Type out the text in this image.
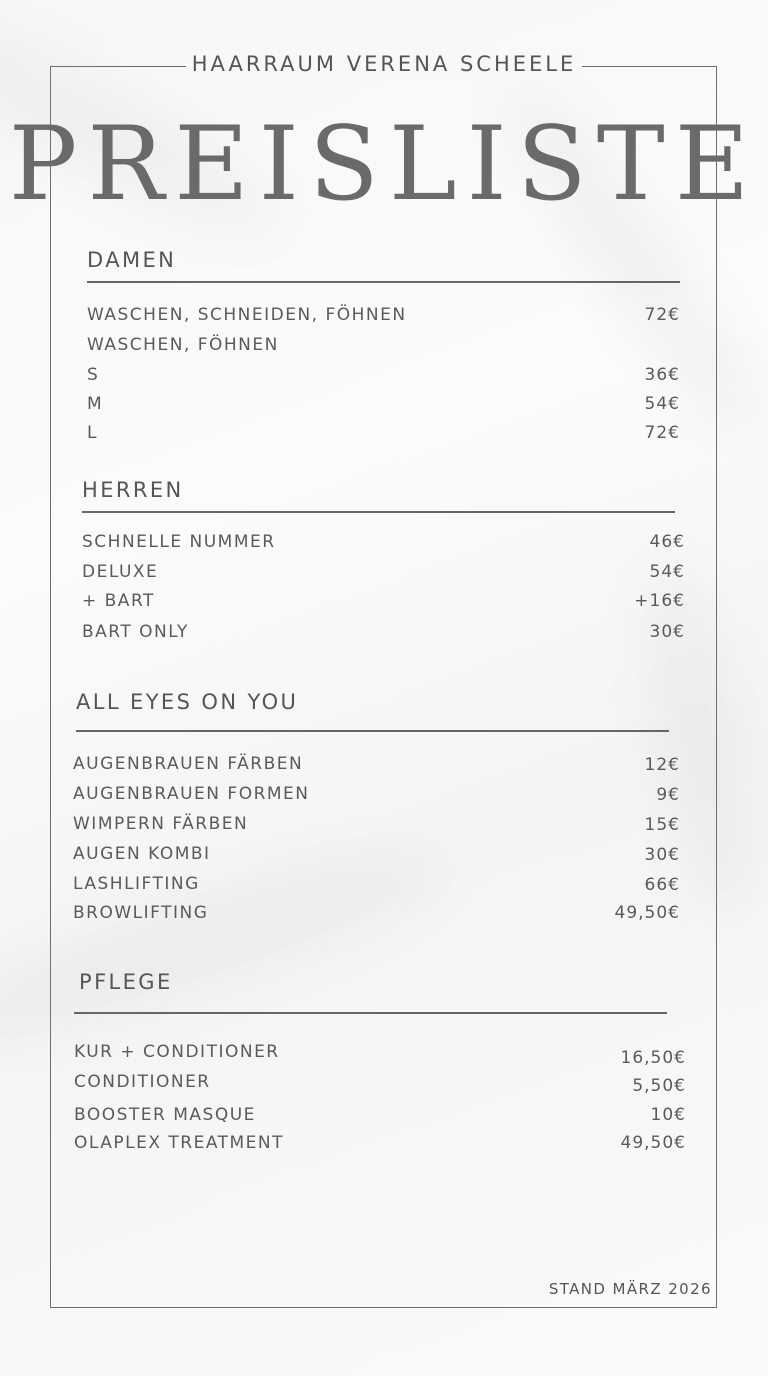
HAARRAUM VERENA SCHEELE
PREISLISTE
DAMEN
WASCHEN, SCHNEIDEN, FÖHNEN	72€
WASCHEN, FÖHNEN
S	36€
M	54€
L	72€
HERREN
SCHNELLE NUMMER	46€
DELUXE	54€
+ BART	+16€
BART ONLY	30€
ALL EYES ON YOU
AUGENBRAUEN FÄRBEN	12€
AUGENBRAUEN FORMEN	9€
WIMPERN FÄRBEN	15€
AUGEN KOMBI	30€
LASHLIFTING	66€
BROWLIFTING	49,50€
PFLEGE
KUR + CONDITIONER	16,50€
CONDITIONER	5,50€
BOOSTER MASQUE	10€
OLAPLEX TREATMENT	49,50€
STAND MÄRZ 2026
